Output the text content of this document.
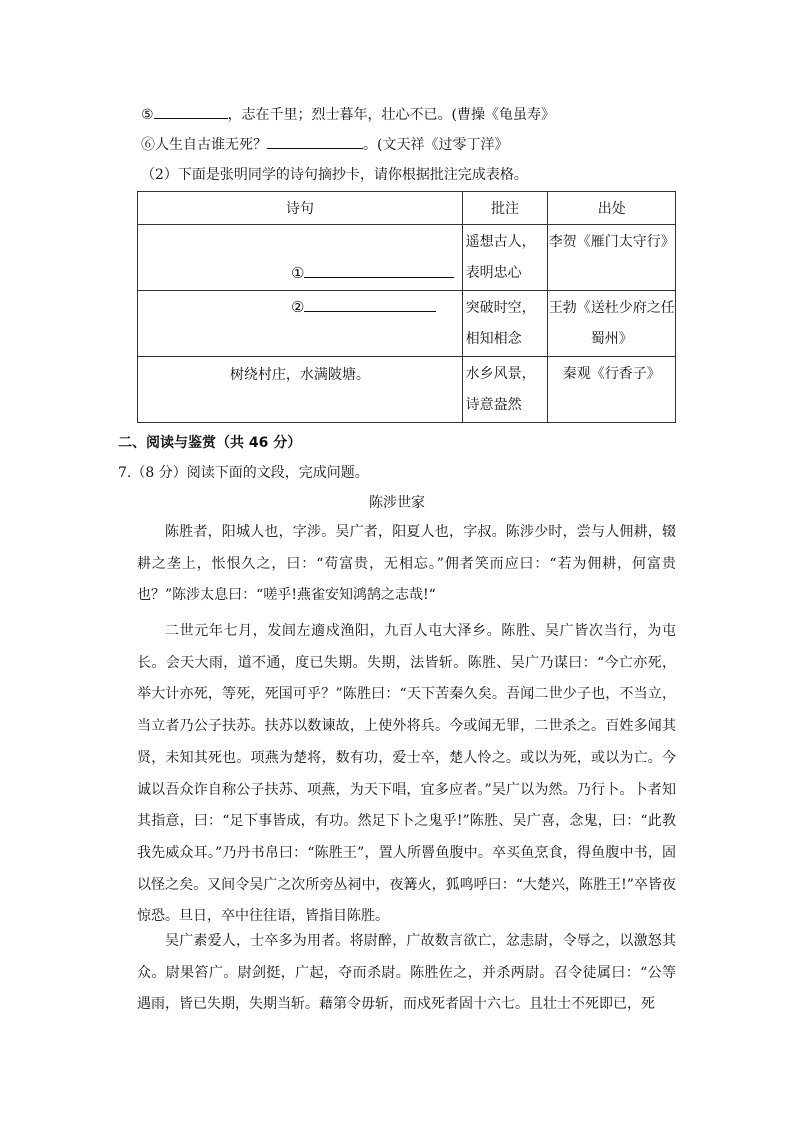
⑤	，志在千里；烈士暮年，壮心不已。(曹操《龟虽寿》
⑥人生自古谁无死？	。(文天祥《过零丁洋》
（2）下面是张明同学的诗句摘抄卡，请你根据批注完成表格。
诗句	批注	出处

①	遥想古人，表明忠心	李贺《雁门太守行》

②	突破时空，相知相念	王勃《送杜少府之任蜀州》
树绕村庄，水满陂塘。	水乡风景，诗意盎然	秦观《行香子》
二、阅读与鉴赏（共 46 分）
7.（8 分）阅读下面的文段，完成问题。
陈涉世家

陈胜者，阳城人也，字涉。吴广者，阳夏人也，字叔。陈涉少时，尝与人佣耕，辍耕之垄上，怅恨久之，曰：“苟富贵，无相忘。”佣者笑而应曰：“若为佣耕，何富贵也？”陈涉太息曰：“嗟乎!燕雀安知鸿鹄之志哉!“

二世元年七月，发闾左適戍渔阳，九百人屯大泽乡。陈胜、吴广皆次当行，为屯长。会天大雨，道不通，度已失期。失期，法皆斩。陈胜、吴广乃谋曰：“今亡亦死，举大计亦死，等死，死国可乎？”陈胜曰：“天下苦秦久矣。吾闻二世少子也，不当立，当立者乃公子扶苏。扶苏以数谏故，上使外将兵。今或闻无罪，二世杀之。百姓多闻其贤，未知其死也。项燕为楚将，数有功，爱士卒，楚人怜之。或以为死，或以为亡。今诚以吾众诈自称公子扶苏、项燕，为天下唱，宜多应者。”吴广以为然。乃行卜。卜者知其指意，曰：“足下事皆成，有功。然足下卜之鬼乎!”陈胜、吴广喜，念鬼，曰：“此教我先威众耳。”乃丹书帛曰：“陈胜王”，置人所罾鱼腹中。卒买鱼烹食，得鱼腹中书，固以怪之矣。又间令吴广之次所旁丛祠中，夜篝火，狐鸣呼曰：“大楚兴，陈胜王!”卒皆夜惊恐。旦日，卒中往往语，皆指目陈胜。

吴广素爱人，士卒多为用者。将尉醉，广故数言欲亡，忿恚尉，令辱之，以激怒其众。尉果笞广。尉剑挺，广起，夺而杀尉。陈胜佐之，并杀两尉。召令徒属曰：“公等遇雨，皆已失期，失期当斩。藉第令毋斩，而戍死者固十六七。且壮士不死即已，死
